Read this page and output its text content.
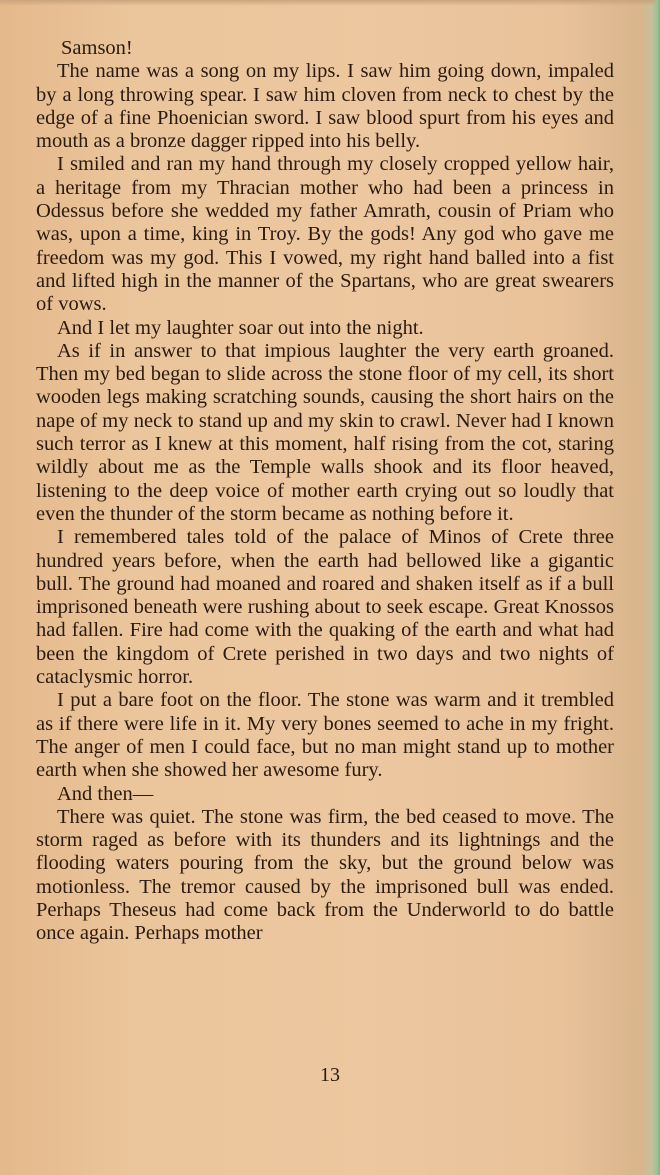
Samson!

The name was a song on my lips. I saw him going down, impaled by a long throwing spear. I saw him cloven from neck to chest by the edge of a fine Phoenician sword. I saw blood spurt from his eyes and mouth as a bronze dagger ripped into his belly.

I smiled and ran my hand through my closely cropped yellow hair, a heritage from my Thracian mother who had been a princess in Odessus before she wedded my father Amrath, cousin of Priam who was, upon a time, king in Troy. By the gods! Any god who gave me freedom was my god. This I vowed, my right hand balled into a fist and lifted high in the manner of the Spartans, who are great swearers of vows.

And I let my laughter soar out into the night.

As if in answer to that impious laughter the very earth groaned. Then my bed began to slide across the stone floor of my cell, its short wooden legs making scratching sounds, causing the short hairs on the nape of my neck to stand up and my skin to crawl. Never had I known such terror as I knew at this moment, half rising from the cot, staring wildly about me as the Temple walls shook and its floor heaved, listening to the deep voice of mother earth crying out so loudly that even the thunder of the storm became as nothing before it.

I remembered tales told of the palace of Minos of Crete three hundred years before, when the earth had bellowed like a gigantic bull. The ground had moaned and roared and shaken itself as if a bull imprisoned beneath were rushing about to seek escape. Great Knossos had fallen. Fire had come with the quaking of the earth and what had been the kingdom of Crete perished in two days and two nights of cataclysmic horror.

I put a bare foot on the floor. The stone was warm and it trembled as if there were life in it. My very bones seemed to ache in my fright. The anger of men I could face, but no man might stand up to mother earth when she showed her awesome fury.

And then—

There was quiet. The stone was firm, the bed ceased to move. The storm raged as before with its thunders and its lightnings and the flooding waters pouring from the sky, but the ground below was motionless. The tremor caused by the imprisoned bull was ended. Perhaps Theseus had come back from the Underworld to do battle once again. Perhaps mother

13
